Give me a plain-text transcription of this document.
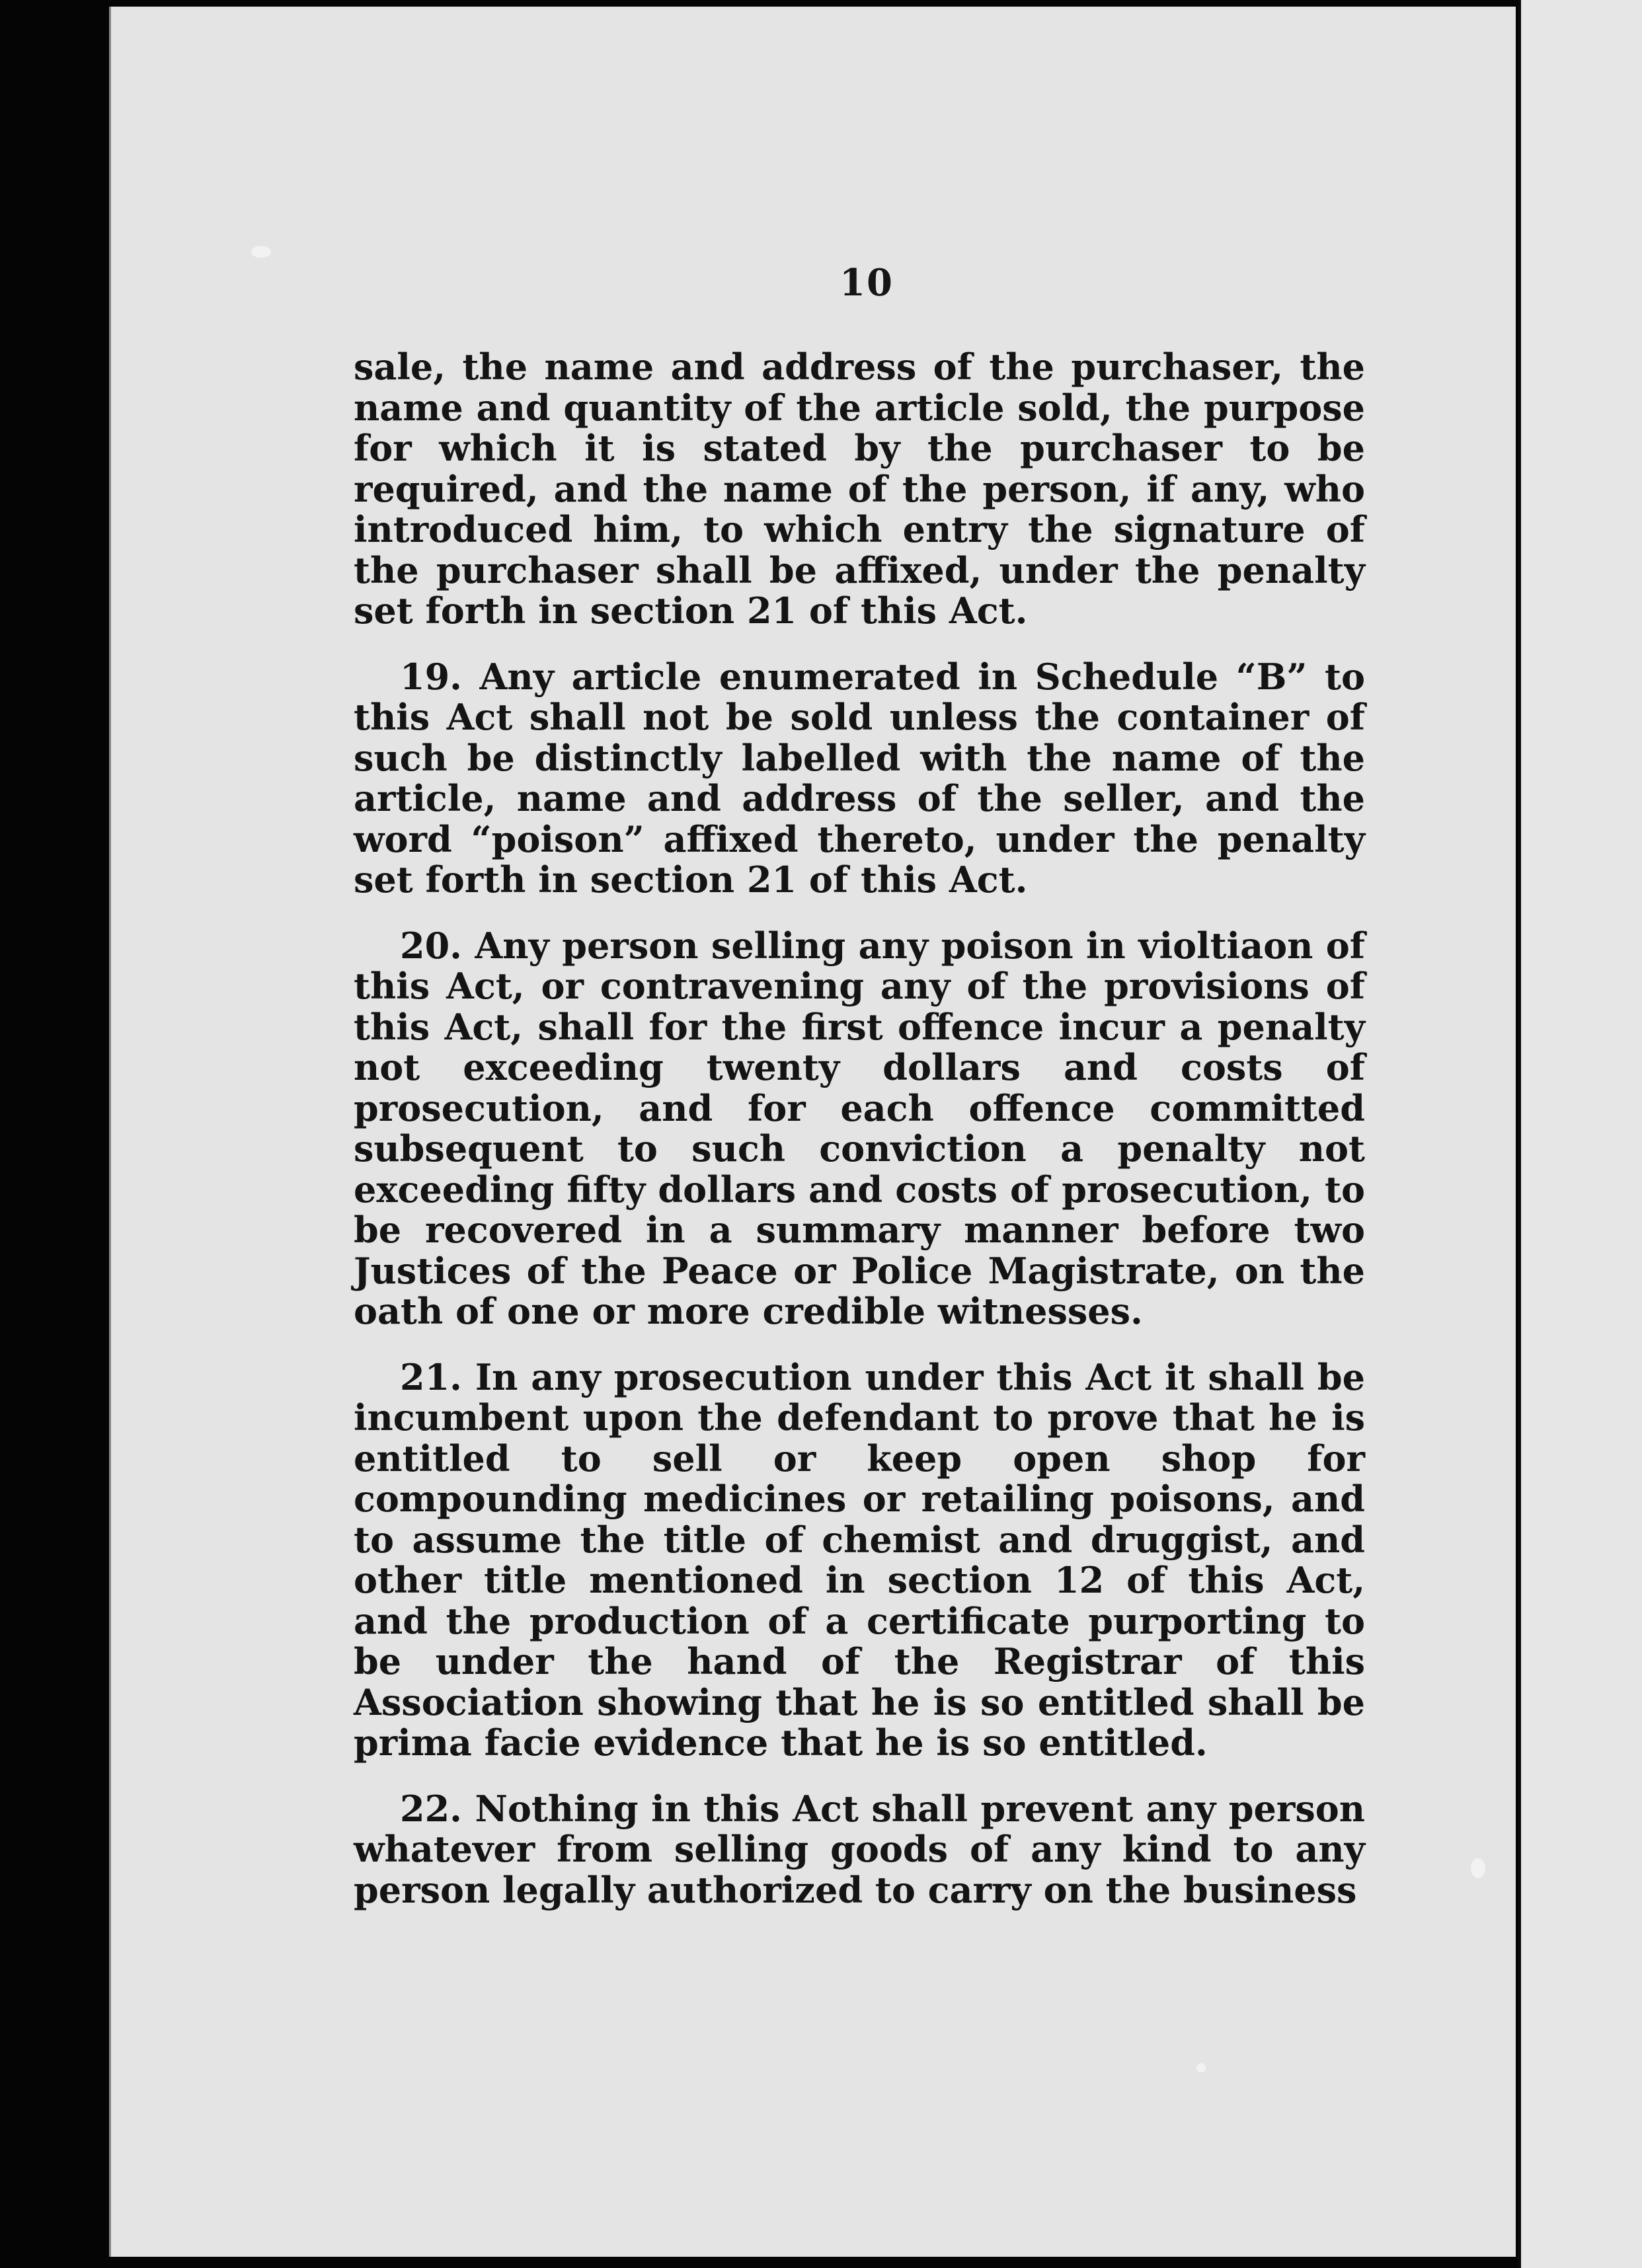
10

sale, the name and address of the purchaser, the name and quantity of the article sold, the purpose for which it is stated by the purchaser to be required, and the name of the person, if any, who introduced him, to which entry the signature of the purchaser shall be affixed, under the penalty set forth in section 21 of this Act.

19. Any article enumerated in Schedule “B” to this Act shall not be sold unless the container of such be distinctly labelled with the name of the article, name and address of the seller, and the word “poison” affixed thereto, under the penalty set forth in section 21 of this Act.

20. Any person selling any poison in violtiaon of this Act, or contravening any of the provisions of this Act, shall for the first offence incur a penalty not exceeding twenty dollars and costs of prosecution, and for each offence committed subsequent to such conviction a penalty not exceeding fifty dollars and costs of prosecution, to be recovered in a summary manner before two Justices of the Peace or Police Magistrate, on the oath of one or more credible witnesses.

21. In any prosecution under this Act it shall be incumbent upon the defendant to prove that he is entitled to sell or keep open shop for compounding medicines or retailing poisons, and to assume the title of chemist and druggist, and other title mentioned in section 12 of this Act, and the production of a certificate purporting to be under the hand of the Registrar of this Association showing that he is so entitled shall be prima facie evidence that he is so entitled.

22. Nothing in this Act shall prevent any person whatever from selling goods of any kind to any person legally authorized to carry on the business
